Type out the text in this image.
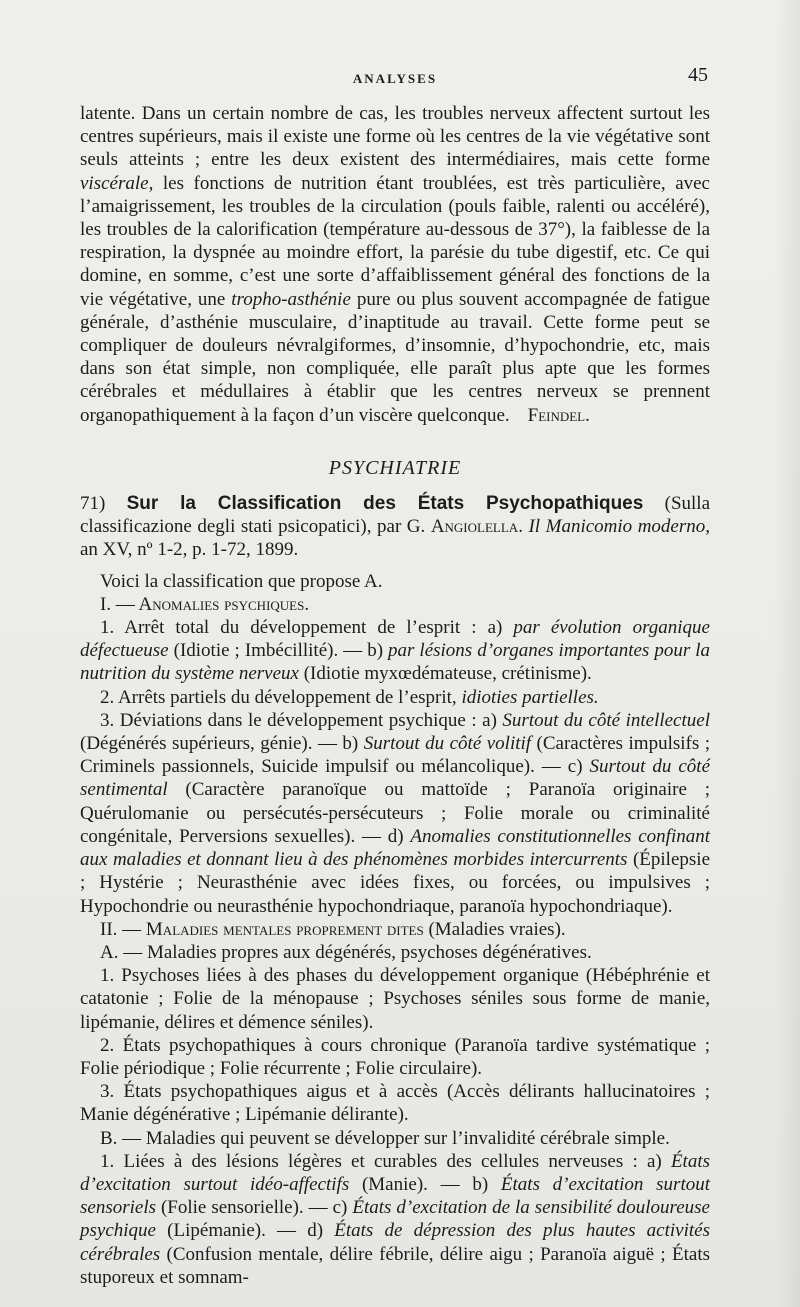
ANALYSES	45

latente. Dans un certain nombre de cas, les troubles nerveux affectent surtout les centres supérieurs, mais il existe une forme où les centres de la vie végétative sont seuls atteints ; entre les deux existent des intermédiaires, mais cette forme viscérale, les fonctions de nutrition étant troublées, est très particulière, avec l’amaigrissement, les troubles de la circulation (pouls faible, ralenti ou accéléré), les troubles de la calorification (température au-dessous de 37°), la faiblesse de la respiration, la dyspnée au moindre effort, la parésie du tube digestif, etc. Ce qui domine, en somme, c’est une sorte d’affaiblissement général des fonctions de la vie végétative, une tropho-asthénie pure ou plus souvent accompagnée de fatigue générale, d’asthénie musculaire, d’inaptitude au travail. Cette forme peut se compliquer de douleurs névralgiformes, d’insomnie, d’hypochondrie, etc, mais dans son état simple, non compliquée, elle paraît plus apte que les formes cérébrales et médullaires à établir que les centres nerveux se prennent organopathiquement à la façon d’un viscère quelconque. Feindel.

PSYCHIATRIE

71) Sur la Classification des États Psychopathiques (Sulla classificazione degli stati psicopatici), par G. Angiolella. Il Manicomio moderno, an XV, nº 1-2, p. 1-72, 1899.

Voici la classification que propose A.

I. — Anomalies psychiques.

1. Arrêt total du développement de l’esprit : a) par évolution organique défectueuse (Idiotie ; Imbécillité). — b) par lésions d’organes importantes pour la nutrition du système nerveux (Idiotie myxœdémateuse, crétinisme).

2. Arrêts partiels du développement de l’esprit, idioties partielles.

3. Déviations dans le développement psychique : a) Surtout du côté intellectuel (Dégénérés supérieurs, génie). — b) Surtout du côté volitif (Caractères impulsifs ; Criminels passionnels, Suicide impulsif ou mélancolique). — c) Surtout du côté sentimental (Caractère paranoïque ou mattoïde ; Paranoïa originaire ; Quérulomanie ou persécutés-persécuteurs ; Folie morale ou criminalité congénitale, Perversions sexuelles). — d) Anomalies constitutionnelles confinant aux maladies et donnant lieu à des phénomènes morbides intercurrents (Épilepsie ; Hystérie ; Neurasthénie avec idées fixes, ou forcées, ou impulsives ; Hypochondrie ou neurasthénie hypochondriaque, paranoïa hypochondriaque).

II. — Maladies mentales proprement dites (Maladies vraies).

A. — Maladies propres aux dégénérés, psychoses dégénératives.

1. Psychoses liées à des phases du développement organique (Hébéphrénie et catatonie ; Folie de la ménopause ; Psychoses séniles sous forme de manie, lipémanie, délires et démence séniles).

2. États psychopathiques à cours chronique (Paranoïa tardive systématique ; Folie périodique ; Folie récurrente ; Folie circulaire).

3. États psychopathiques aigus et à accès (Accès délirants hallucinatoires ; Manie dégénérative ; Lipémanie délirante).

B. — Maladies qui peuvent se développer sur l’invalidité cérébrale simple.

1. Liées à des lésions légères et curables des cellules nerveuses : a) États d’excitation surtout idéo-affectifs (Manie). — b) États d’excitation surtout sensoriels (Folie sensorielle). — c) États d’excitation de la sensibilité douloureuse psychique (Lipémanie). — d) États de dépression des plus hautes activités cérébrales (Confusion mentale, délire fébrile, délire aigu ; Paranoïa aiguë ; États stuporeux et somnam-
